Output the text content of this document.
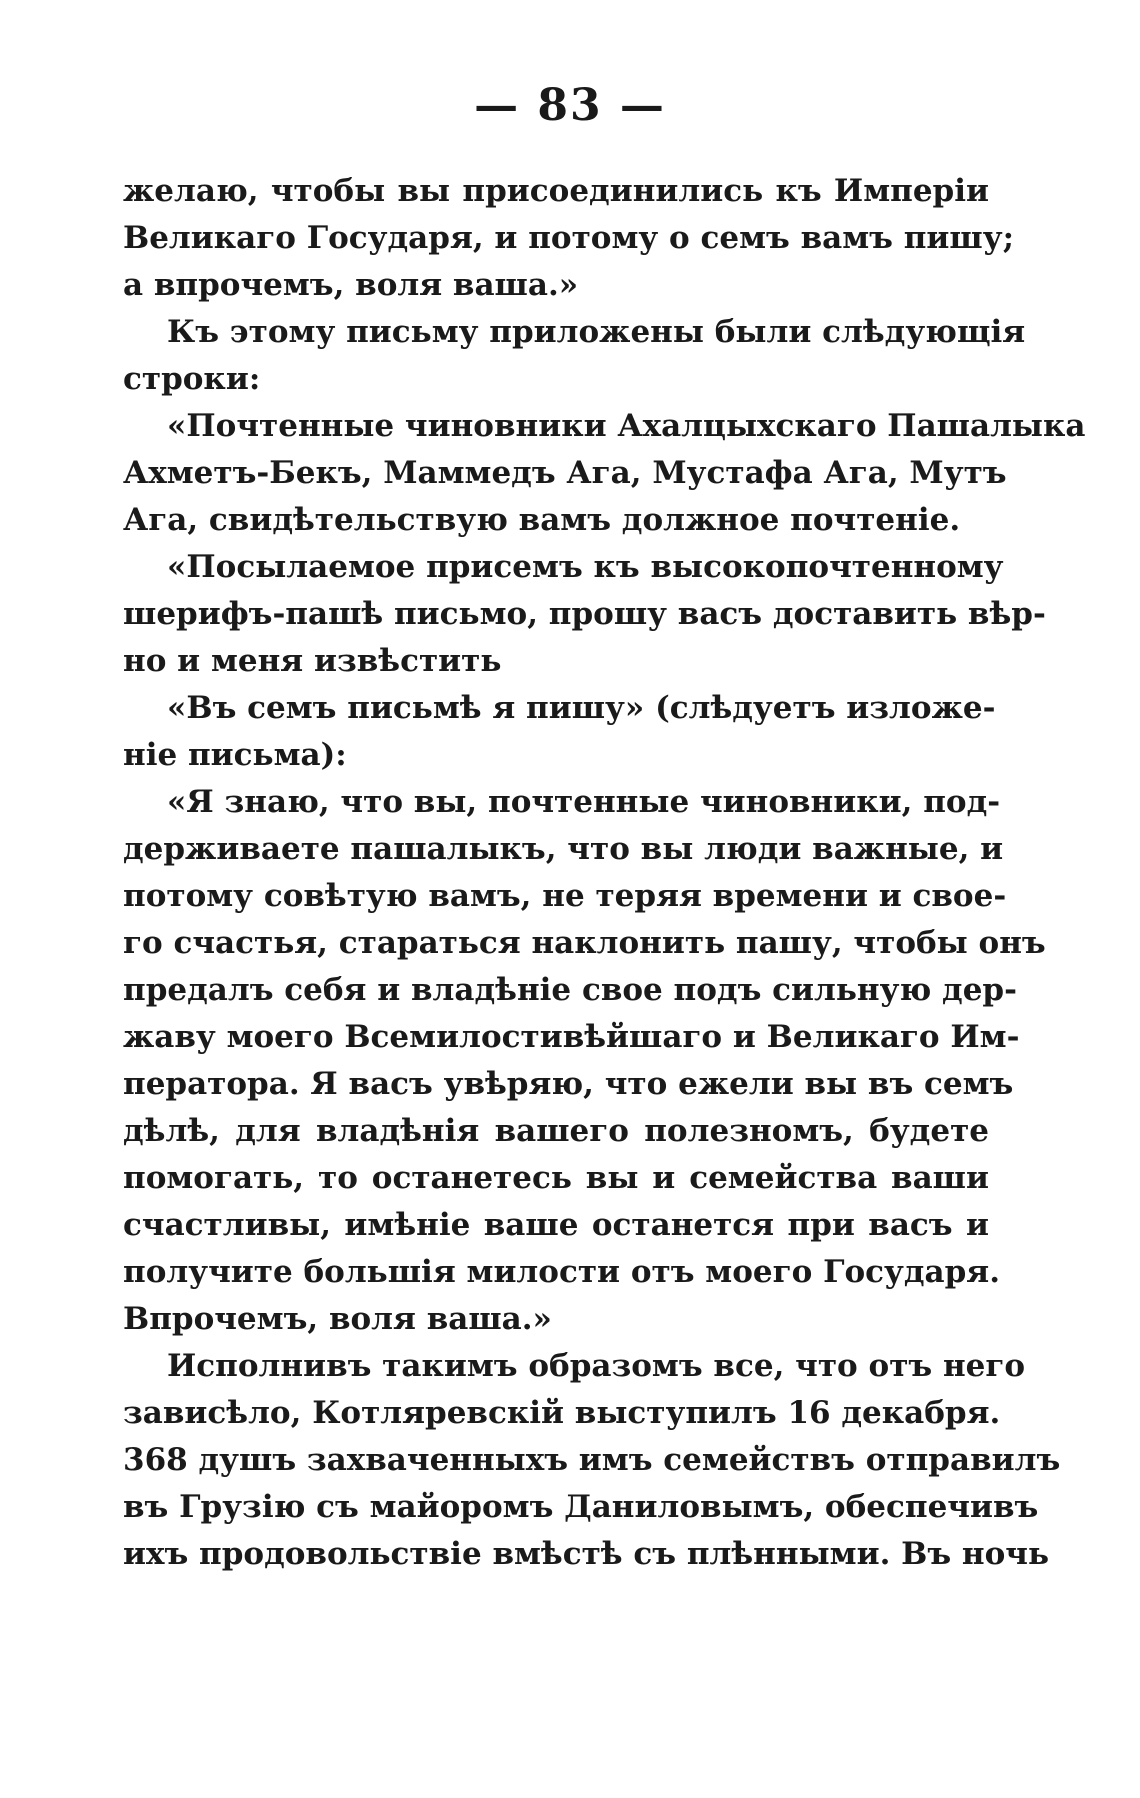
— 83 —
желаю, чтобы вы присоединились къ Имперіи
Великаго Государя, и потому о семъ вамъ пишу;
а впрочемъ, воля ваша.»
Къ этому письму приложены были слѣдующія
строки:
«Почтенные чиновники Ахалцыхскаго Пашалыка
Ахметъ-Бекъ, Маммедъ Ага, Мустафа Ага, Мутъ
Ага, свидѣтельствую вамъ должное почтеніе.
«Посылаемое присемъ къ высокопочтенному
шерифъ-пашѣ письмо, прошу васъ доставить вѣр-
но и меня извѣстить
«Въ семъ письмѣ я пишу» (слѣдуетъ изложе-
ніе письма):
«Я знаю, что вы, почтенные чиновники, под-
держиваете пашалыкъ, что вы люди важные, и
потому совѣтую вамъ, не теряя времени и свое-
го счастья, стараться наклонить пашу, чтобы онъ
предалъ себя и владѣніе свое подъ сильную дер-
жаву моего Всемилостивѣйшаго и Великаго Им-
ператора. Я васъ увѣряю, что ежели вы въ семъ
дѣлѣ, для владѣнія вашего полезномъ, будете
помогать, то останетесь вы и семейства ваши
счастливы, имѣніе ваше останется при васъ и
получите большія милости отъ моего Государя.
Впрочемъ, воля ваша.»
Исполнивъ такимъ образомъ все, что отъ него
зависѣло, Котляревскій выступилъ 16 декабря.
368 душъ захваченныхъ имъ семействъ отправилъ
въ Грузію съ майоромъ Даниловымъ, обеспечивъ
ихъ продовольствіе вмѣстѣ съ плѣнными. Въ ночь
